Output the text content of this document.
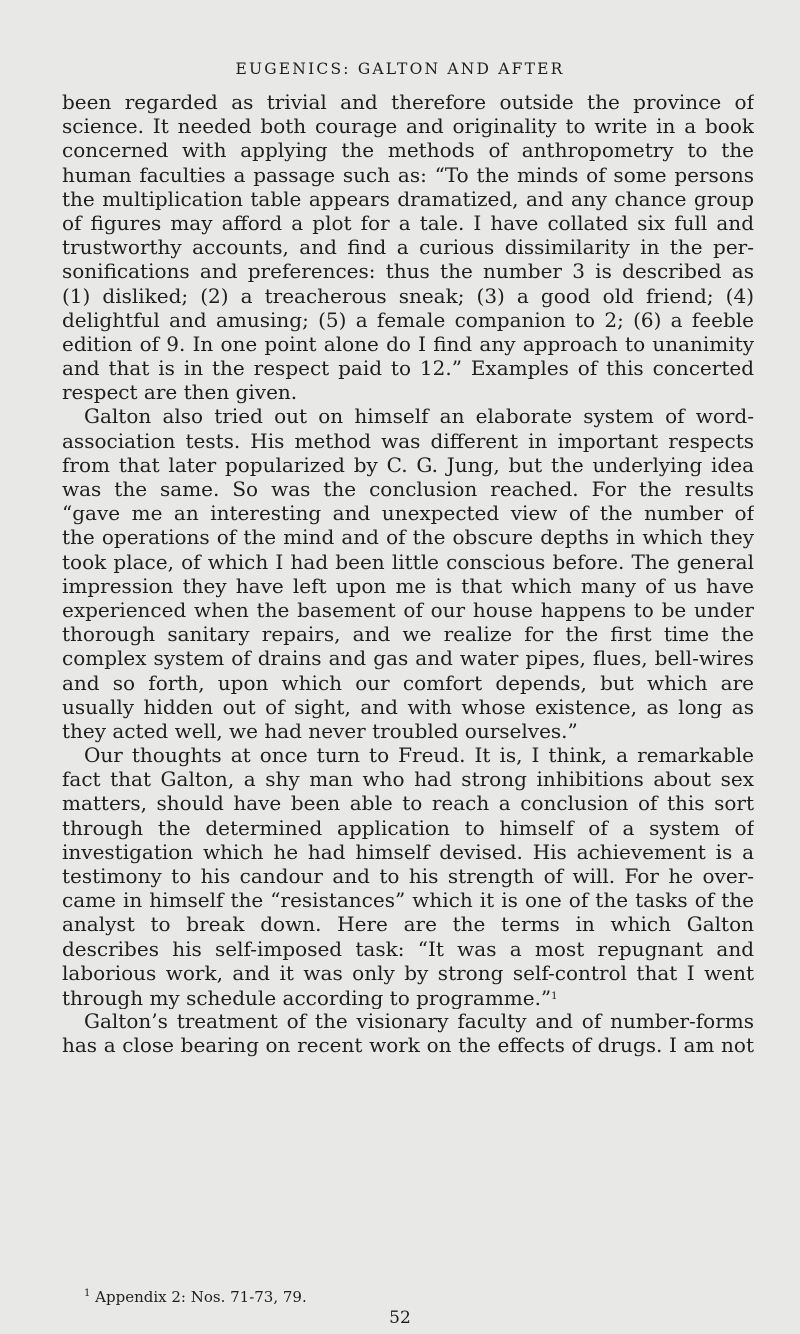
EUGENICS: GALTON AND AFTER
been regarded as trivial and therefore outside the province of
science. It needed both courage and originality to write in a book
concerned with applying the methods of anthropometry to the
human faculties a passage such as: “To the minds of some persons
the multiplication table appears dramatized, and any chance group
of figures may afford a plot for a tale. I have collated six full and
trustworthy accounts, and find a curious dissimilarity in the per-
sonifications and preferences: thus the number 3 is described as
(1) disliked; (2) a treacherous sneak; (3) a good old friend; (4)
delightful and amusing; (5) a female companion to 2; (6) a feeble
edition of 9. In one point alone do I find any approach to unanimity
and that is in the respect paid to 12.” Examples of this concerted
respect are then given.
Galton also tried out on himself an elaborate system of word-
association tests. His method was different in important respects
from that later popularized by C. G. Jung, but the underlying idea
was the same. So was the conclusion reached. For the results
“gave me an interesting and unexpected view of the number of
the operations of the mind and of the obscure depths in which they
took place, of which I had been little conscious before. The general
impression they have left upon me is that which many of us have
experienced when the basement of our house happens to be under
thorough sanitary repairs, and we realize for the first time the
complex system of drains and gas and water pipes, flues, bell-wires
and so forth, upon which our comfort depends, but which are
usually hidden out of sight, and with whose existence, as long as
they acted well, we had never troubled ourselves.”
Our thoughts at once turn to Freud. It is, I think, a remarkable
fact that Galton, a shy man who had strong inhibitions about sex
matters, should have been able to reach a conclusion of this sort
through the determined application to himself of a system of
investigation which he had himself devised. His achievement is a
testimony to his candour and to his strength of will. For he over-
came in himself the “resistances” which it is one of the tasks of the
analyst to break down. Here are the terms in which Galton
describes his self-imposed task: “It was a most repugnant and
laborious work, and it was only by strong self-control that I went
through my schedule according to programme.”$^1$
Galton’s treatment of the visionary faculty and of number-forms
has a close bearing on recent work on the effects of drugs. I am not
$^1$ Appendix 2: Nos. 71-73, 79.
52
